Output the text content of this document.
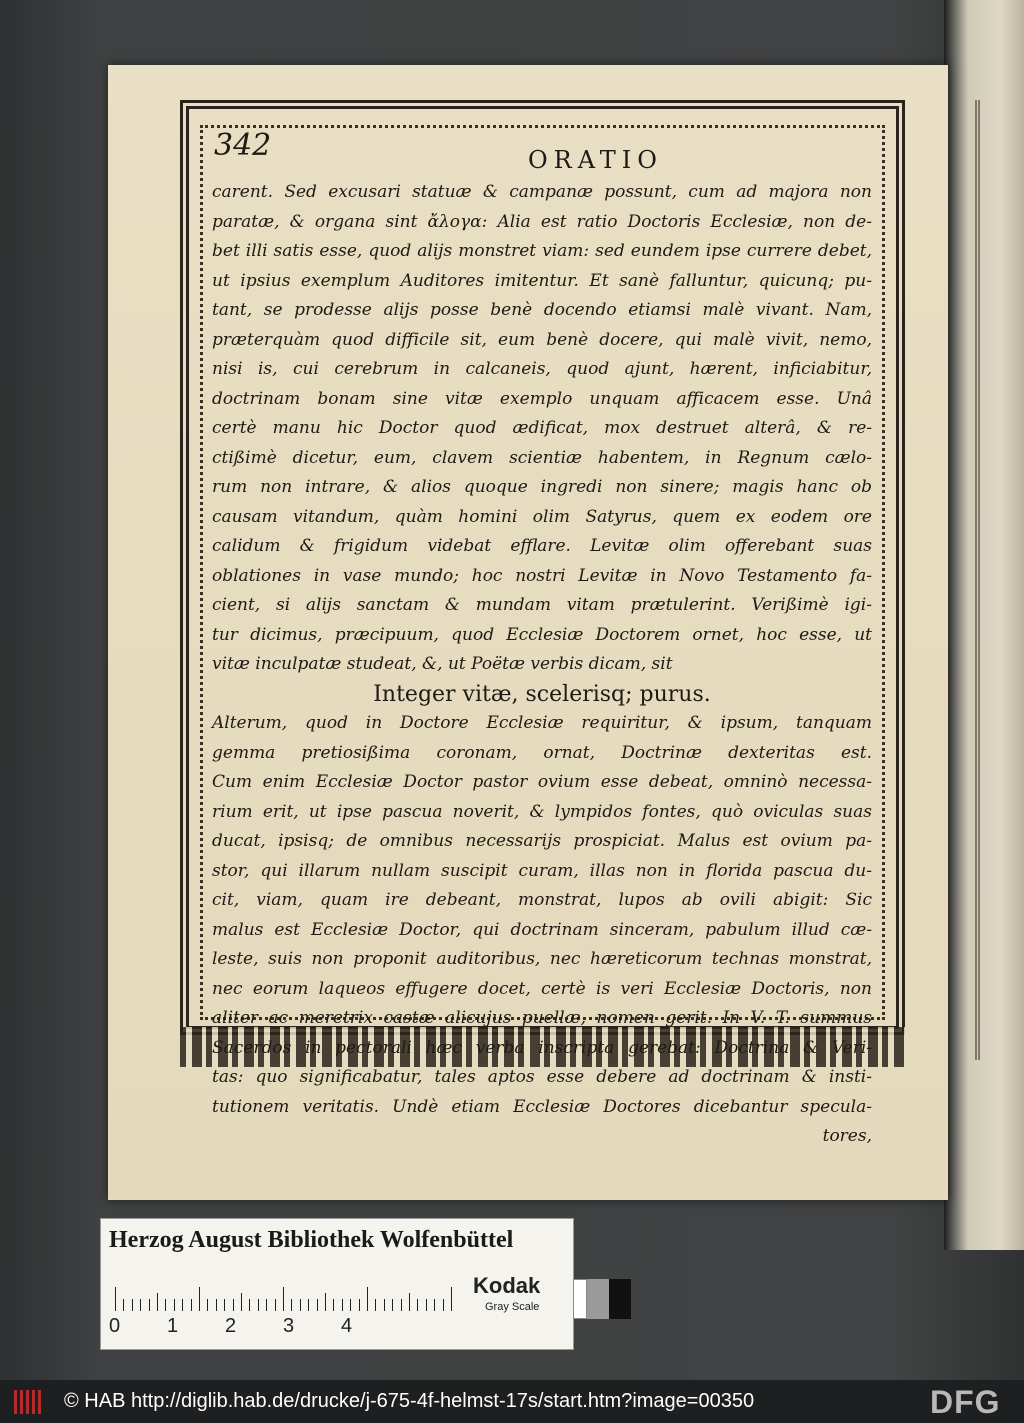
342	ORATIO
carent. Sed excusari statuæ & campanæ possunt, cum ad majora non
paratæ, & organa sint ἄλογα: Alia est ratio Doctoris Ecclesiæ, non de-
bet illi satis esse, quod alijs monstret viam: sed eundem ipse currere debet,
ut ipsius exemplum Auditores imitentur. Et sanè falluntur, quicunq; pu-
tant, se prodesse alijs posse benè docendo etiamsi malè vivant. Nam,
præterquàm quod difficile sit, eum benè docere, qui malè vivit, nemo,
nisi is, cui cerebrum in calcaneis, quod ajunt, hærent, inficiabitur,
doctrinam bonam sine vitæ exemplo unquam afficacem esse. Unâ
certè manu hic Doctor quod ædificat, mox destruet alterâ, & re-
ctißimè dicetur, eum, clavem scientiæ habentem, in Regnum cælo-
rum non intrare, & alios quoque ingredi non sinere; magis hanc ob
causam vitandum, quàm homini olim Satyrus, quem ex eodem ore
calidum & frigidum videbat efflare. Levitæ olim offerebant suas
oblationes in vase mundo; hoc nostri Levitæ in Novo Testamento fa-
cient, si alijs sanctam & mundam vitam prætulerint. Verißimè igi-
tur dicimus, præcipuum, quod Ecclesiæ Doctorem ornet, hoc esse, ut
vitæ inculpatæ studeat, &, ut Poëtæ verbis dicam, sit
Integer vitæ, scelerisq; purus.
Alterum, quod in Doctore Ecclesiæ requiritur, & ipsum, tanquam
gemma pretiosißima coronam, ornat, Doctrinæ dexteritas est.
Cum enim Ecclesiæ Doctor pastor ovium esse debeat, omninò necessa-
rium erit, ut ipse pascua noverit, & lympidos fontes, quò oviculas suas
ducat, ipsisq; de omnibus necessarijs prospiciat. Malus est ovium pa-
stor, qui illarum nullam suscipit curam, illas non in florida pascua du-
cit, viam, quam ire debeant, monstrat, lupos ab ovili abigit: Sic
malus est Ecclesiæ Doctor, qui doctrinam sinceram, pabulum illud cæ-
leste, suis non proponit auditoribus, nec hæreticorum technas monstrat,
nec eorum laqueos effugere docet, certè is veri Ecclesiæ Doctoris, non
aliter ac meretrix castæ alicujus puellæ, nomen gerit. In V. T. summus
Sacerdos in pectorali hæc verba inscripta gerebat: Doctrina & Veri-
tas: quo significabatur, tales aptos esse debere ad doctrinam & insti-
tutionem veritatis. Undè etiam Ecclesiæ Doctores dicebantur specula-
tores,
Herzog August Bibliothek Wolfenbüttel
0 1 2 3 4
Kodak
Gray Scale
© HAB http://diglib.hab.de/drucke/j-675-4f-helmst-17s/start.htm?image=00350	DFG
